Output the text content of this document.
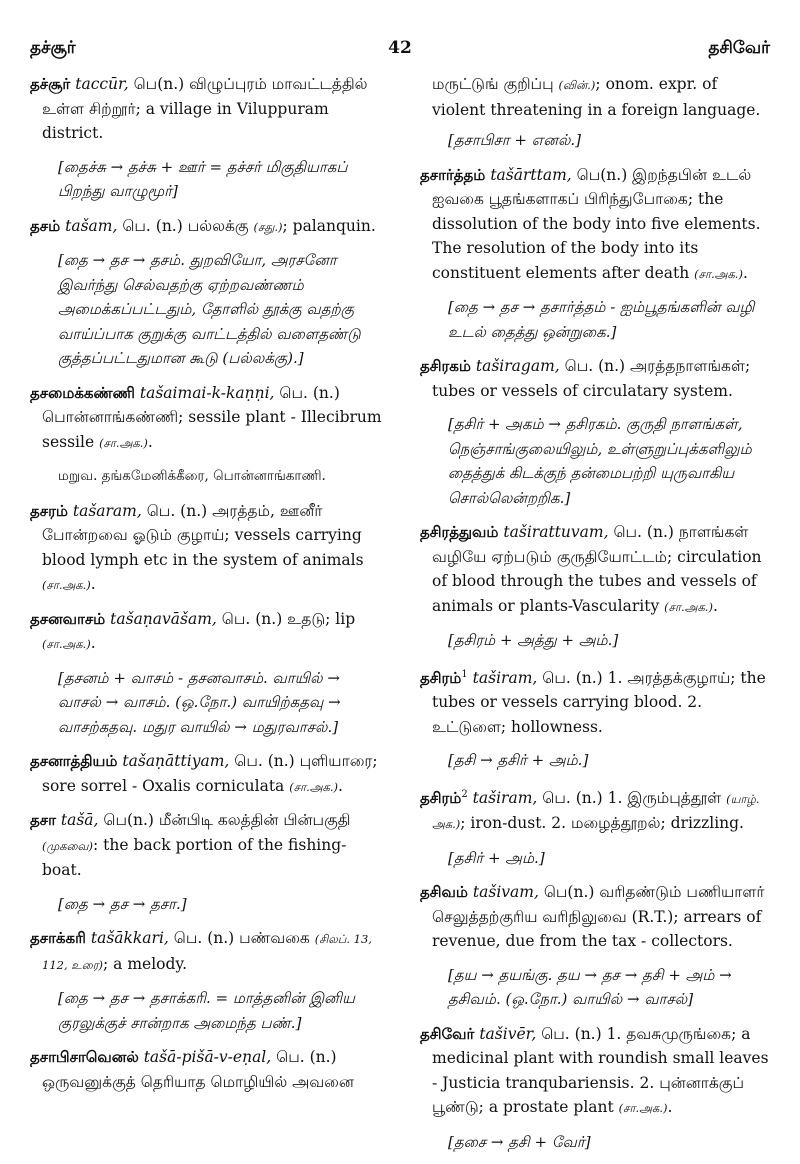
தச்சூர்	42	தசிவேர்
தச்சூர் taccūr, பெ(n.) விழுப்புரம் மாவட்டத்தில் உள்ள சிற்றூர்; a village in Viluppuram district.
[தைச்சு → தச்சு + ஊர் = தச்சர் மிகுதியாகப் பிறந்து வாழுமூர்]
தசம் tašam, பெ. (n.) பல்லக்கு (சது.); palanquin.
[தை → தச → தசம். துறவியோ, அரசனோ இவர்ந்து செல்வதற்கு ஏற்றவண்ணம் அமைக்கப்பட்டதும், தோளில் தூக்கு வதற்கு வாய்ப்பாக குறுக்கு வாட்டத்தில் வளைதண்டு குத்தப்பட்டதுமான கூடு (பல்லக்கு).]
தசமைக்கண்ணி tašaimai-k-kaṇṇi, பெ. (n.) பொன்னாங்கண்ணி; sessile plant - Illecibrum sessile (சா.அக.).
மறுவ. தங்கமேனிக்கீரை, பொன்னாங்காணி.
தசரம் tašaram, பெ. (n.) அரத்தம், ஊனீர் போன்றவை ஓடும் குழாய்; vessels carrying blood lymph etc in the system of animals (சா.அக.).
தசனவாசம் tašaṇavāšam, பெ. (n.) உதடு; lip (சா.அக.).
[தசனம் + வாசம் - தசனவாசம். வாயில் → வாசல் → வாசம். (ஒ.நோ.) வாயிற்கதவு → வாசற்கதவு. மதுர வாயில் → மதுரவாசல்.]
தசனாத்தியம் tašaṇāttiyam, பெ. (n.) புளியாரை; sore sorrel - Oxalis corniculata (சா.அக.).
தசா tašā, பெ(n.) மீன்பிடி கலத்தின் பின்பகுதி (முகவை): the back portion of the fishing- boat.
[தை → தச → தசா.]
தசாக்கரி tašākkari, பெ. (n.) பண்வகை (சிலப். 13, 112, உரை); a melody.
[தை → தச → தசாக்கரி. = மாத்தனின் இனிய குரலுக்குச் சான்றாக அமைந்த பண்.]
தசாபிசாவெனல் tašā-pišā-v-eṇal, பெ. (n.) ஒருவனுக்குத் தெரியாத மொழியில் அவனை
மருட்டுங் குறிப்பு (வின்.); onom. expr. of violent threatening in a foreign language.
[தசாபிசா + எனல்.]
தசார்த்தம் tašārttam, பெ(n.) இறந்தபின் உடல் ஐவகை பூதங்களாகப் பிரிந்துபோகை; the dissolution of the body into five elements. The resolution of the body into its constituent elements after death (சா.அக.).
[தை → தச → தசார்த்தம் - ஐம்பூதங்களின் வழி உடல் தைத்து ஒன்றுகை.]
தசிரகம் taširagam, பெ. (n.) அரத்தநாளங்கள்; tubes or vessels of circulatary system.
[தசிர் + அகம் → தசிரகம். குருதி நாளங்கள், நெஞ்சாங்குலையிலும், உள்ளுறுப்புக்களிலும் தைத்துக் கிடக்குந் தன்மைபற்றி யுருவாகிய சொல்லென்றறிக.]
தசிரத்துவம் taširattuvam, பெ. (n.) நாளங்கள் வழியே ஏற்படும் குருதியோட்டம்; circulation of blood through the tubes and vessels of animals or plants-Vascularity (சா.அக.).
[தசிரம் + அத்து + அம்.]
தசிரம்$^1$ taširam, பெ. (n.) 1. அரத்தக்குழாய்; the tubes or vessels carrying blood. 2. உட்டுளை; hollowness.
[தசி → தசிர் + அம்.]
தசிரம்$^2$ taširam, பெ. (n.) 1. இரும்புத்தூள் (யாழ். அக.); iron-dust. 2. மழைத்தூறல்; drizzling.
[தசிர் + அம்.]
தசிவம் tašivam, பெ(n.) வரிதண்டும் பணியாளர் செலுத்தற்குரிய வரிநிலுவை (R.T.); arrears of revenue, due from the tax - collectors.
[தய → தயங்கு. தய → தச → தசி + அம் → தசிவம். (ஒ.நோ.) வாயில் → வாசல்]
தசிவேர் tašivēr, பெ. (n.) 1. தவசுமுருங்கை; a medicinal plant with roundish small leaves - Justicia tranqubariensis. 2. புன்னாக்குப் பூண்டு; a prostate plant (சா.அக.).
[தசை → தசி + வேர்]
